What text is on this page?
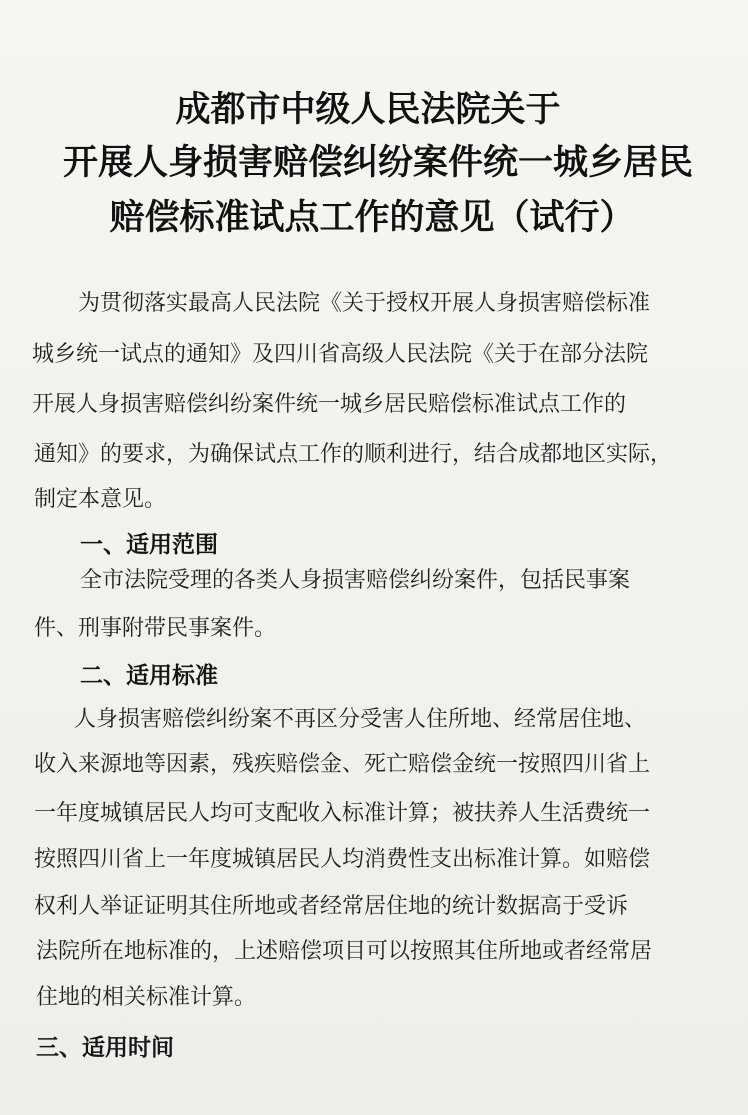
成都市中级人民法院关于
开展人身损害赔偿纠纷案件统一城乡居民
赔偿标准试点工作的意见（试行）
为贯彻落实最高人民法院《关于授权开展人身损害赔偿标准
城乡统一试点的通知》及四川省高级人民法院《关于在部分法院
开展人身损害赔偿纠纷案件统一城乡居民赔偿标准试点工作的
通知》的要求，为确保试点工作的顺利进行，结合成都地区实际，
制定本意见。
一、适用范围
全市法院受理的各类人身损害赔偿纠纷案件，包括民事案
件、刑事附带民事案件。
二、适用标准
人身损害赔偿纠纷案不再区分受害人住所地、经常居住地、
收入来源地等因素，残疾赔偿金、死亡赔偿金统一按照四川省上
一年度城镇居民人均可支配收入标准计算；被扶养人生活费统一
按照四川省上一年度城镇居民人均消费性支出标准计算。如赔偿
权利人举证证明其住所地或者经常居住地的统计数据高于受诉
法院所在地标准的，上述赔偿项目可以按照其住所地或者经常居
住地的相关标准计算。
三、适用时间
